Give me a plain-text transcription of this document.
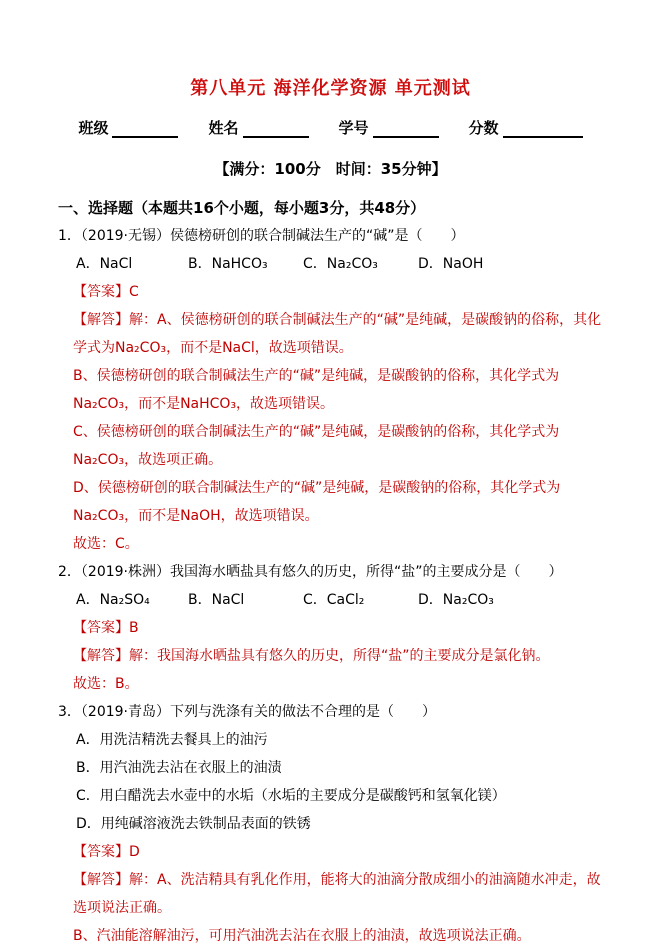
第八单元 海洋化学资源 单元测试
班级	姓名	学号	分数

【满分：100分　时间：35分钟】

一、选择题（本题共16个小题，每小题3分，共48分）

1．（2019·无锡）侯德榜研创的联合制碱法生产的“碱”是（　　）

A．NaCl	B．NaHCO₃	C．Na₂CO₃	D．NaOH

【答案】C

【解答】解：A、侯德榜研创的联合制碱法生产的“碱”是纯碱，是碳酸钠的俗称，其化学式为Na₂CO₃，而不是NaCl，故选项错误。

B、侯德榜研创的联合制碱法生产的“碱”是纯碱，是碳酸钠的俗称，其化学式为Na₂CO₃，而不是NaHCO₃，故选项错误。

C、侯德榜研创的联合制碱法生产的“碱”是纯碱，是碳酸钠的俗称，其化学式为Na₂CO₃，故选项正确。

D、侯德榜研创的联合制碱法生产的“碱”是纯碱，是碳酸钠的俗称，其化学式为Na₂CO₃，而不是NaOH，故选项错误。

故选：C。

2．（2019·株洲）我国海水晒盐具有悠久的历史，所得“盐”的主要成分是（　　）

A．Na₂SO₄	B．NaCl	C．CaCl₂	D．Na₂CO₃

【答案】B

【解答】解：我国海水晒盐具有悠久的历史，所得“盐”的主要成分是氯化钠。

故选：B。

3．（2019·青岛）下列与洗涤有关的做法不合理的是（　　）

A．用洗洁精洗去餐具上的油污

B．用汽油洗去沾在衣服上的油渍

C．用白醋洗去水壶中的水垢（水垢的主要成分是碳酸钙和氢氧化镁）

D．用纯碱溶液洗去铁制品表面的铁锈

【答案】D

【解答】解：A、洗洁精具有乳化作用，能将大的油滴分散成细小的油滴随水冲走，故选项说法正确。

B、汽油能溶解油污，可用汽油洗去沾在衣服上的油渍，故选项说法正确。
